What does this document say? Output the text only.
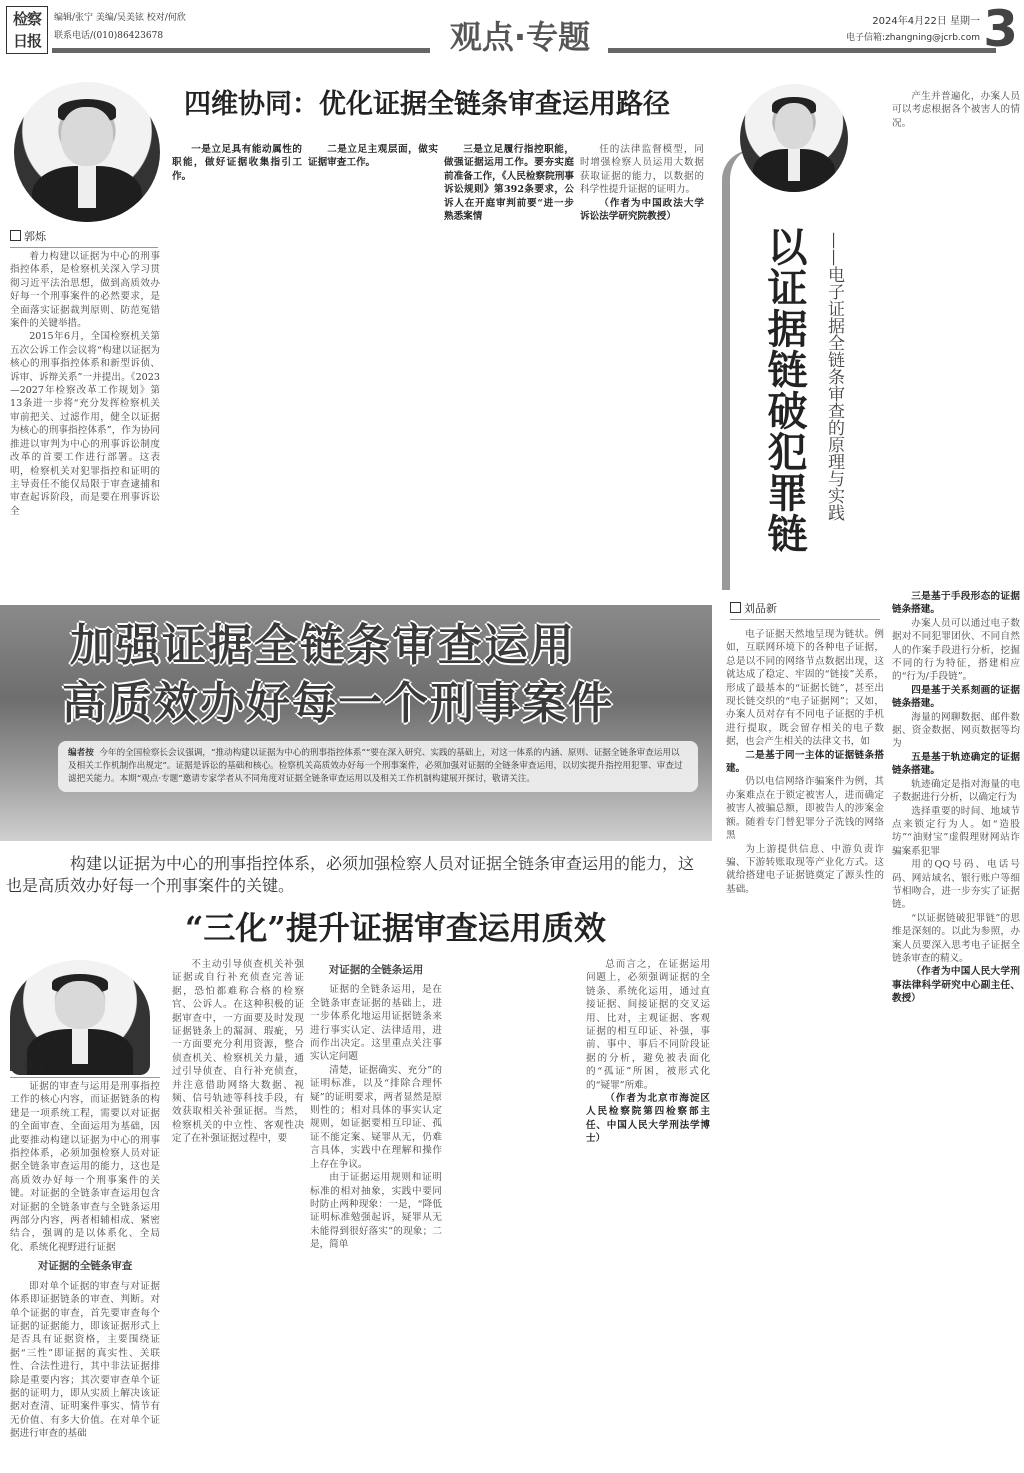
检察日报
编辑/张宁 美编/吴美铉 校对/何欣
联系电话/(010)86423678	观点·专题	2024年4月22日 星期一
电子信箱:zhangning@jcrb.com 3
四维协同：优化证据全链条审查运用路径
郭烁

着力构建以证据为中心的刑事指控体系，是检察机关深入学习贯彻习近平法治思想，做到高质效办好每一个刑事案件的必然要求，是全面落实证据裁判原则、防范冤错案件的关键举措。

2015年6月，全国检察机关第五次公诉工作会议将“构建以证据为核心的刑事指控体系和新型诉侦、诉审、诉辩关系”一并提出。《2023—2027年检察改革工作规划》第13条进一步将“充分发挥检察机关审前把关、过滤作用，健全以证据为核心的刑事指控体系”，作为协同推进以审判为中心的刑事诉讼制度改革的首要工作进行部署。这表明，检察机关对犯罪指控和证明的主导责任不能仅局限于审查逮捕和审查起诉阶段，而是要在刑事诉讼全

一是立足具有能动属性的职能，做好证据收集指引工作。

二是立足主观层面，做实证据审查工作。

三是立足履行指控职能，做强证据运用工作。要夯实庭前准备工作，《人民检察院刑事诉讼规则》第392条要求，公诉人在开庭审判前要“进一步熟悉案情

任的法律监督模型，同时增强检察人员运用大数据获取证据的能力，以数据的科学性提升证据的证明力。

（作者为中国政法大学诉讼法学研究院教授）

以证据链破犯罪链 ——电子证据全链条审查的原理与实践

产生并普遍化，办案人员可以考虑根据各个被害人的情况。

刘品新

电子证据天然地呈现为链状。例如，互联网环境下的各种电子证据，总是以不同的网络节点数据出现，这就达成了稳定、牢固的“链接”关系，形成了最基本的“证据长链”，甚至出现长链交织的“电子证据网”；又如，办案人员对存有不同电子证据的手机进行提取，既会留存相关的电子数据，也会产生相关的法律文书，如

二是基于同一主体的证据链条搭建。

仍以电信网络诈骗案件为例，其办案难点在于锁定被害人，进而确定被害人被骗总额，即被告人的涉案金额。随着专门替犯罪分子洗钱的网络黑

为上游提供信息、中游负责诈骗、下游转账取现等产业化方式。这就给搭建电子证据链奠定了源头性的基础。

三是基于手段形态的证据链条搭建。

办案人员可以通过电子数据对不同犯罪团伙、不同自然人的作案手段进行分析，挖掘不同的行为特征，搭建相应的“行为/手段链”。

四是基于关系刻画的证据链条搭建。

海量的网聊数据、邮件数据、资金数据、网页数据等均为

五是基于轨迹确定的证据链条搭建。

轨迹确定是指对海量的电子数据进行分析，以确定行为

选择重要的时间、地域节点来锁定行为人。如“造股坊”“油财宝”虚假理财网站诈骗案系犯罪

用的QQ号码、电话号码、网站域名、银行账户等细节相吻合，进一步夯实了证据链。

“以证据链破犯罪链”的思维是深刻的。以此为参照，办案人员要深入思考电子证据全链条审查的精义。

（作者为中国人民大学刑事法律科学研究中心副主任、教授）

加强证据全链条审查运用
高质效办好每一个刑事案件
编者按 今年的全国检察长会议强调，“推动构建以证据为中心的刑事指控体系”“要在深入研究、实践的基础上，对这一体系的内涵、原则、证据全链条审查运用以及相关工作机制作出规定”。证据是诉讼的基础和核心。检察机关高质效办好每一个刑事案件，必须加强对证据的全链条审查运用，以切实提升指控用犯罪、审查过滤把关能力。本期“观点·专题”邀请专家学者从不同角度对证据全链条审查运用以及相关工作机制构建展开探讨，敬请关注。
构建以证据为中心的刑事指控体系，必须加强检察人员对证据全链条审查运用的能力，这也是高质效办好每一个刑事案件的关键。
“三化”提升证据审查运用质效
李刚

证据的审查与运用是刑事指控工作的核心内容，而证据链条的构建是一项系统工程，需要以对证据的全面审查、全面运用为基础，因此要推动构建以证据为中心的刑事指控体系，必须加强检察人员对证据全链条审查运用的能力，这也是高质效办好每一个刑事案件的关键。对证据的全链条审查运用包含对证据的全链条审查与全链条运用两部分内容，两者相辅相成、紧密结合，强调的是以体系化、全局化、系统化视野进行证据

对证据的全链条审查

即对单个证据的审查与对证据体系即证据链条的审查、判断。对单个证据的审查，首先要审查每个证据的证据能力，即该证据形式上是否具有证据资格，主要围绕证据“三性”即证据的真实性、关联性、合法性进行，其中非法证据排除是重要内容；其次要审查单个证据的证明力，即从实质上解决该证据对查清、证明案件事实、情节有无价值、有多大价值。在对单个证据进行审查的基础

不主动引导侦查机关补强证据或自行补充侦查完善证据，恐怕都难称合格的检察官、公诉人。在这种积极的证据审查中，一方面要及时发现证据链条上的漏洞、瑕疵，另一方面要充分利用资源，整合侦查机关、检察机关力量，通过引导侦查、自行补充侦查，并注意借助网络大数据、视频、信号轨迹等科技手段，有效获取相关补强证据。当然，检察机关的中立性、客观性决定了在补强证据过程中，要

对证据的全链条运用

证据的全链条运用，是在全链条审查证据的基础上，进一步体系化地运用证据链条来进行事实认定、法律适用，进而作出决定。这里重点关注事实认定问题

清楚，证据确实、充分”的证明标准，以及“排除合理怀疑”的证明要求，两者显然是原则性的；相对具体的事实认定规则，如证据要相互印证、孤证不能定案、疑罪从无，仍难言具体，实践中在理解和操作上存在争议。

由于证据运用规则和证明标准的相对抽象，实践中要同时防止两种现象：一是，“降低证明标准勉强起诉，疑罪从无未能得到很好落实”的现象；二是，简单

总而言之，在证据运用问题上，必须强调证据的全链条、系统化运用，通过直接证据、间接证据的交叉运用、比对，主观证据、客观证据的相互印证、补强，事前、事中、事后不同阶段证据的分析，避免被表面化的“孤证”所困，被形式化的“疑罪”所难。

（作者为北京市海淀区人民检察院第四检察部主任、中国人民大学刑法学博士）
